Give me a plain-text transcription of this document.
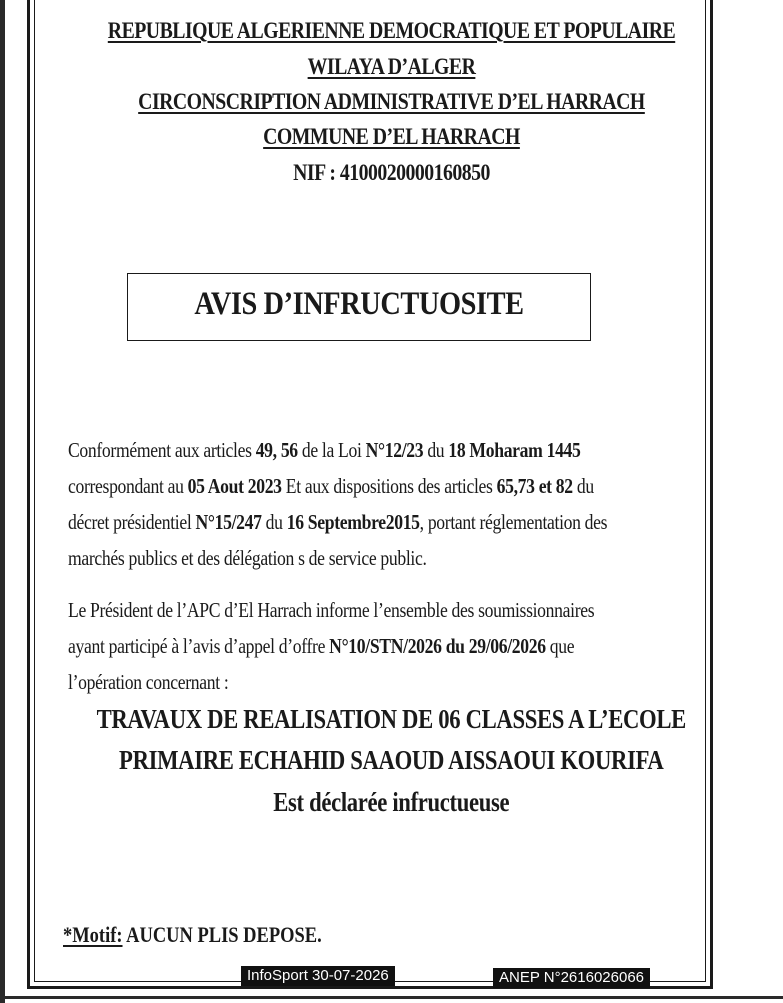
REPUBLIQUE ALGERIENNE DEMOCRATIQUE ET POPULAIRE
WILAYA D’ALGER
CIRCONSCRIPTION ADMINISTRATIVE D’EL HARRACH
COMMUNE D’EL HARRACH
NIF : 4100020000160850
AVIS D’INFRUCTUOSITE
Conformément aux articles 49, 56 de la Loi N°12/23 du 18 Moharam 1445
correspondant au 05 Aout 2023 Et aux dispositions des articles 65,73 et 82 du
décret présidentiel N°15/247 du 16 Septembre2015, portant réglementation des
marchés publics et des délégation s de service public.
Le Président de l’APC d’El Harrach informe l’ensemble des soumissionnaires
ayant participé à l’avis d’appel d’offre N°10/STN/2026 du 29/06/2026 que
l’opération concernant :
TRAVAUX DE REALISATION DE 06 CLASSES A L’ECOLE
PRIMAIRE ECHAHID SAAOUD AISSAOUI KOURIFA
Est déclarée infructueuse
*Motif: AUCUN PLIS DEPOSE.
InfoSport 30-07-2026	ANEP N°2616026066
